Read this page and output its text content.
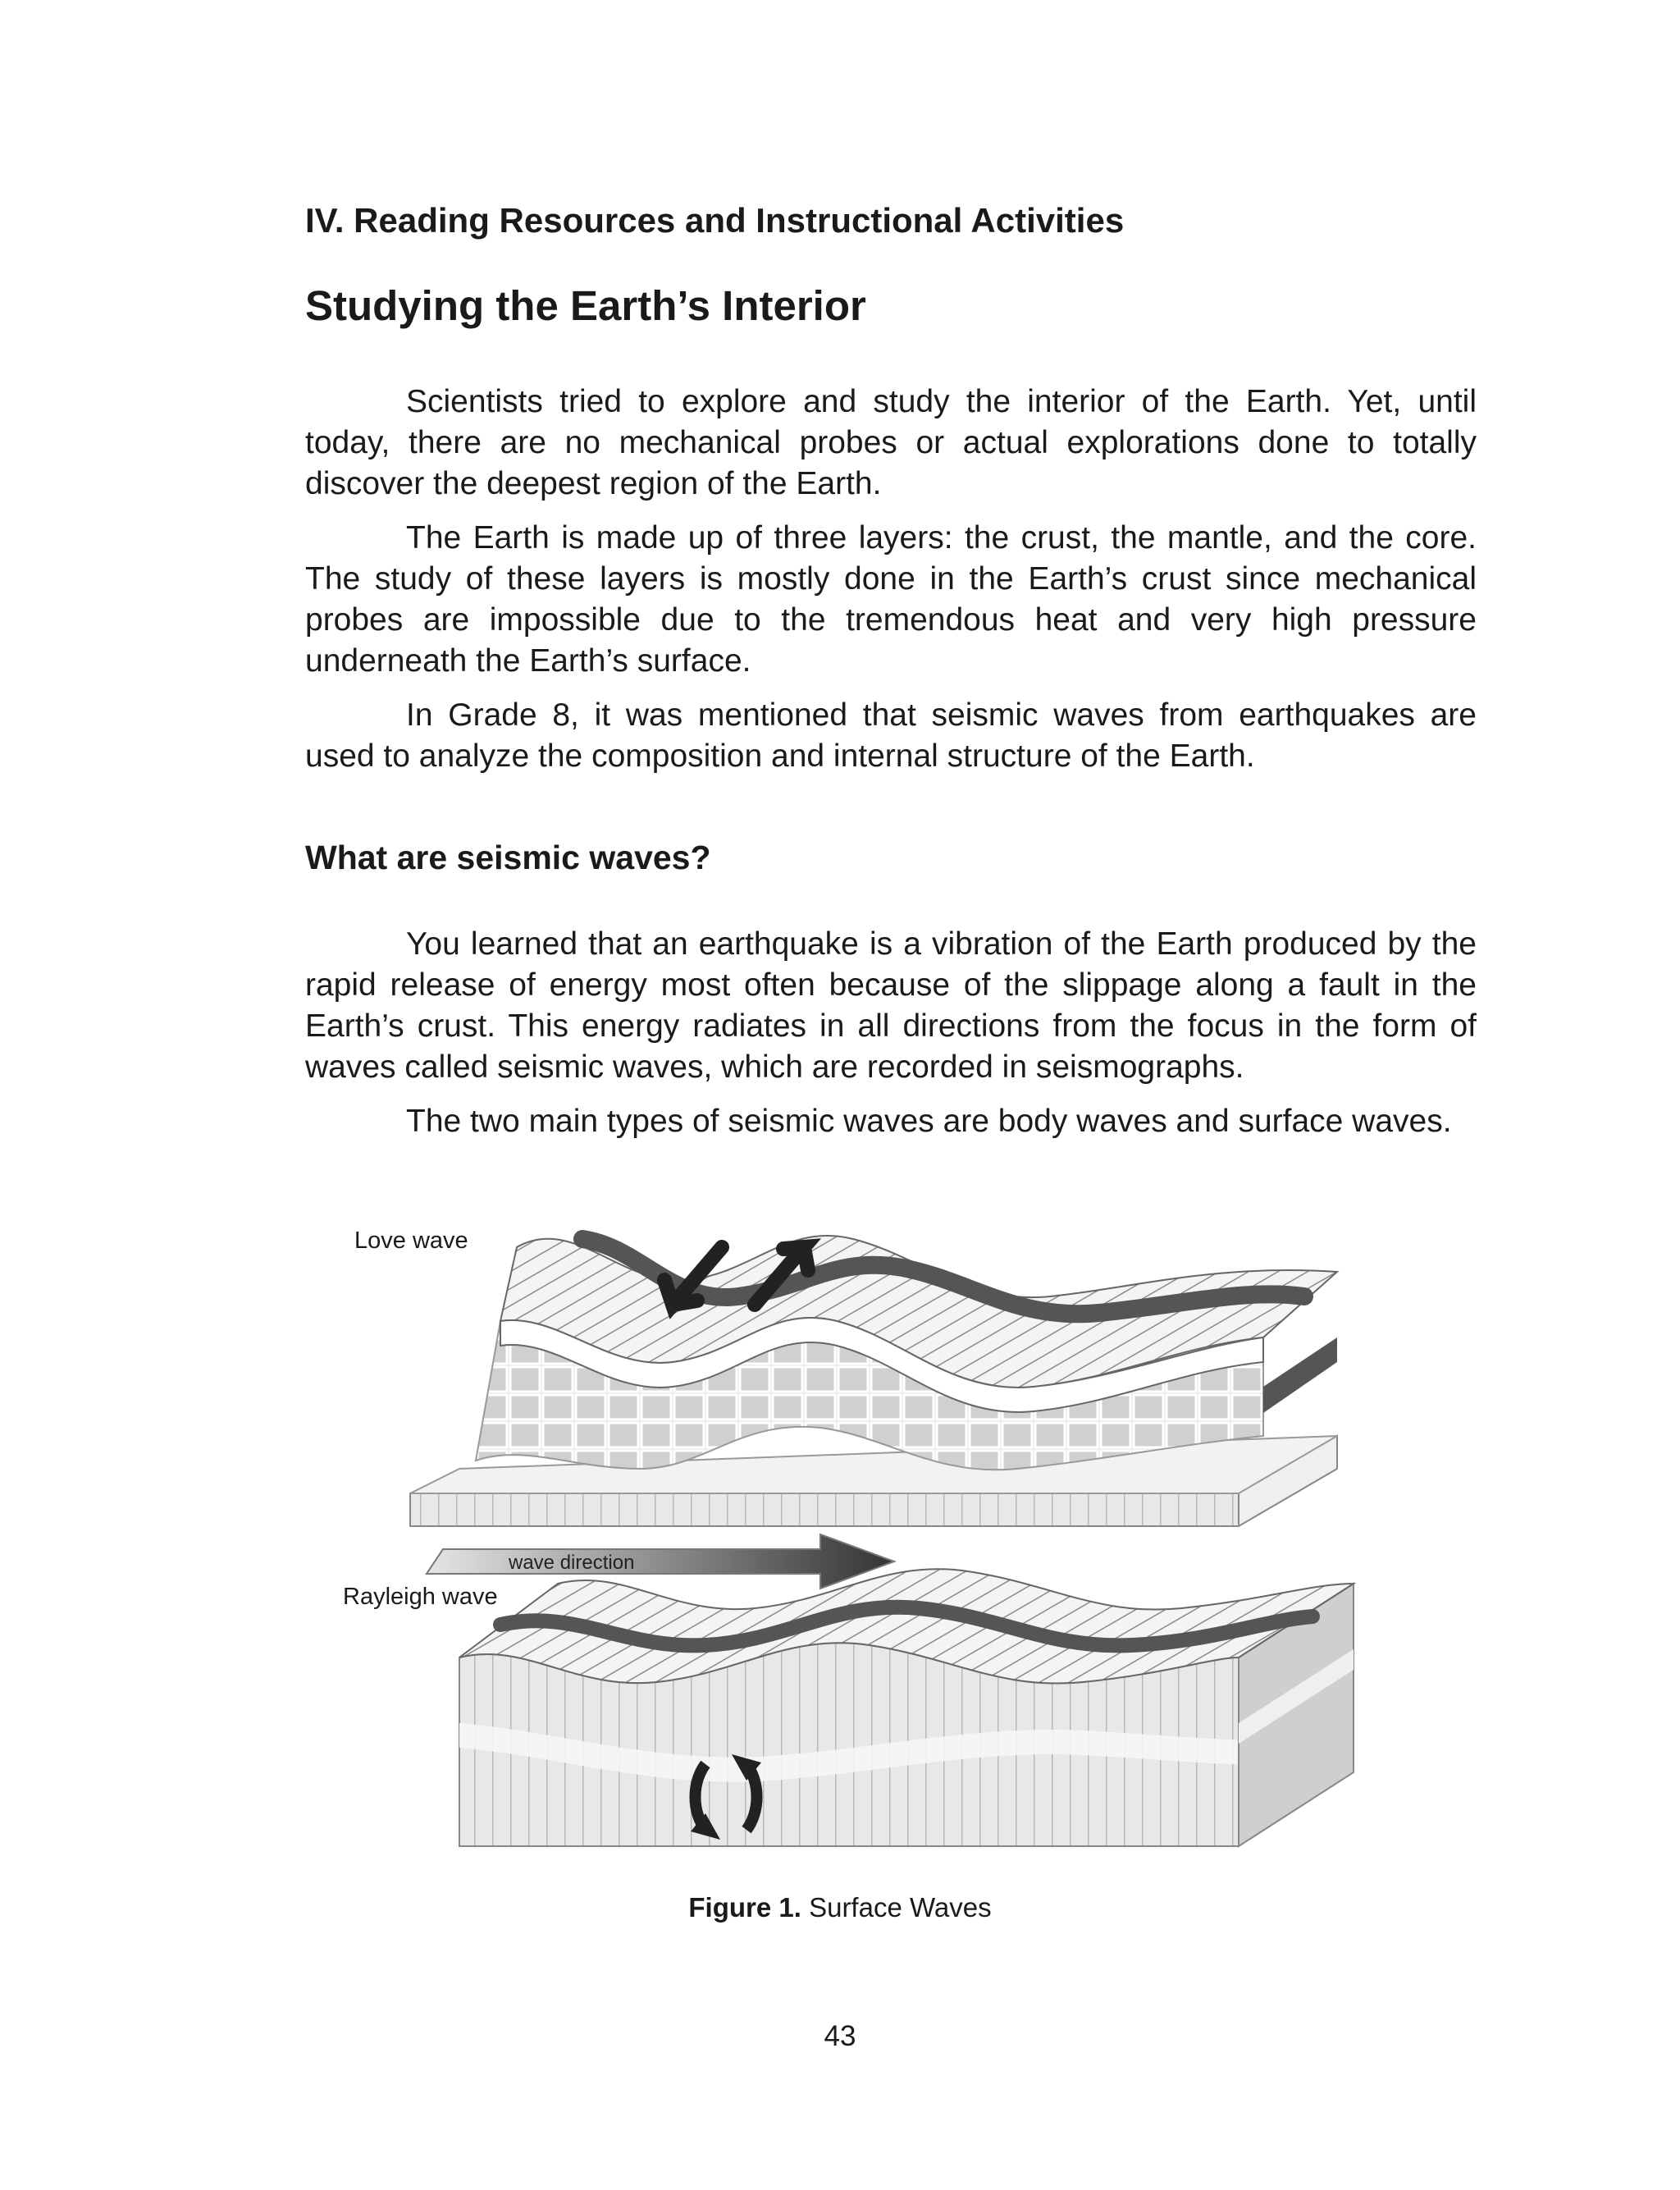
IV. Reading Resources and Instructional Activities
Studying the Earth’s Interior

Scientists tried to explore and study the interior of the Earth. Yet, until today, there are no mechanical probes or actual explorations done to totally discover the deepest region of the Earth.

The Earth is made up of three layers: the crust, the mantle, and the core. The study of these layers is mostly done in the Earth’s crust since mechanical probes are impossible due to the tremendous heat and very high pressure underneath the Earth’s surface.

In Grade 8, it was mentioned that seismic waves from earthquakes are used to analyze the composition and internal structure of the Earth.

What are seismic waves?

You learned that an earthquake is a vibration of the Earth produced by the rapid release of energy most often because of the slippage along a fault in the Earth’s crust. This energy radiates in all directions from the focus in the form of waves called seismic waves, which are recorded in seismographs.

The two main types of seismic waves are body waves and surface waves.

Love wave
Rayleigh wave
wave direction
Figure 1. Surface Waves
43
